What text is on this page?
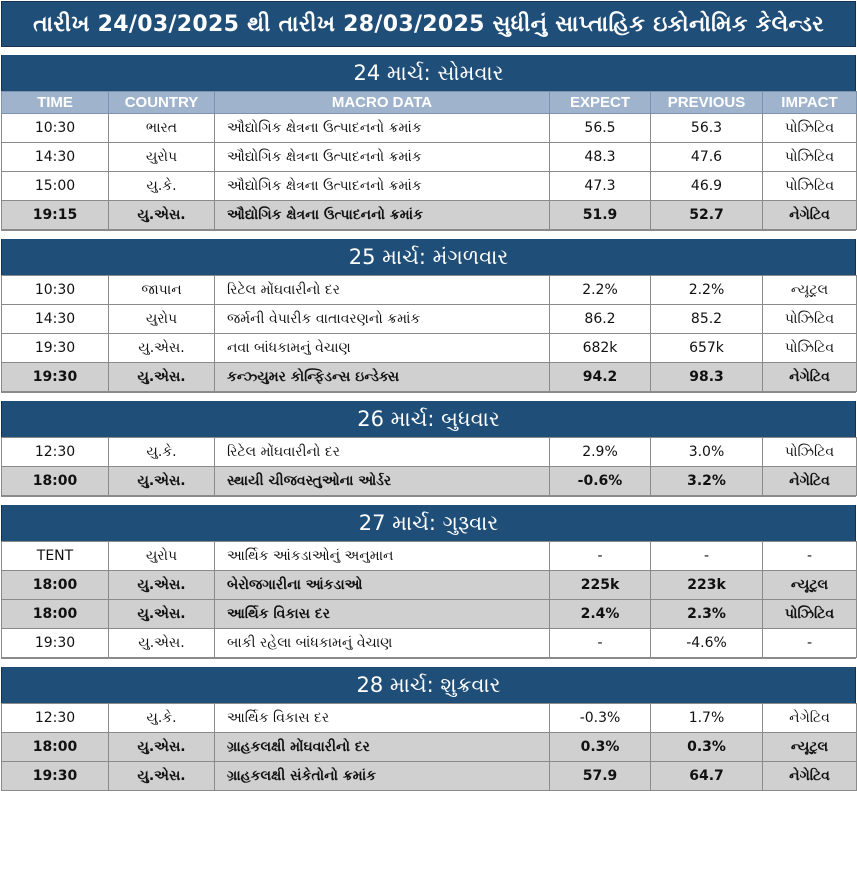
તારીખ 24/03/2025 થી તારીખ 28/03/2025 સુધીનું સાપ્તાહિક ઇકોનોમિક કેલેન્ડર
24 માર્ચ: સોમવાર
TIME	COUNTRY	MACRO DATA	EXPECT	PREVIOUS	IMPACT
10:30	ભારત	ઔદ્યોગિક ક્ષેત્રના ઉત્પાદનનો ક્રમાંક	56.5	56.3	પોઝિટિવ
14:30	યુરોપ	ઔદ્યોગિક ક્ષેત્રના ઉત્પાદનનો ક્રમાંક	48.3	47.6	પોઝિટિવ
15:00	યુ.કે.	ઔદ્યોગિક ક્ષેત્રના ઉત્પાદનનો ક્રમાંક	47.3	46.9	પોઝિટિવ
19:15	યુ.એસ.	ઔદ્યોગિક ક્ષેત્રના ઉત્પાદનનો ક્રમાંક	51.9	52.7	નેગેટિવ
25 માર્ચ: મંગળવાર
10:30	જાપાન	રિટેલ મોંઘવારીનો દર	2.2%	2.2%	ન્યૂટ્રલ
14:30	યુરોપ	જર્મની વેપારીક વાતાવરણનો ક્રમાંક	86.2	85.2	પોઝિટિવ
19:30	યુ.એસ.	નવા બાંધકામનું વેચાણ	682k	657k	પોઝિટિવ
19:30	યુ.એસ.	કન્ઝ્યુમર કોન્ફિડન્સ ઇન્ડેક્સ	94.2	98.3	નેગેટિવ
26 માર્ચ: બુધવાર
12:30	યુ.કે.	રિટેલ મોંઘવારીનો દર	2.9%	3.0%	પોઝિટિવ
18:00	યુ.એસ.	સ્થાયી ચીજવસ્તુઓના ઓર્ડર	-0.6%	3.2%	નેગેટિવ
27 માર્ચ: ગુરૂવાર
TENT	યુરોપ	આર્થિક આંકડાઓનું અનુમાન	-	-	-
18:00	યુ.એસ.	બેરોજગારીના આંકડાઓ	225k	223k	ન્યૂટ્રલ
18:00	યુ.એસ.	આર્થિક વિકાસ દર	2.4%	2.3%	પોઝિટિવ
19:30	યુ.એસ.	બાકી રહેલા બાંધકામનું વેચાણ	-	-4.6%	-
28 માર્ચ: શુક્રવાર
12:30	યુ.કે.	આર્થિક વિકાસ દર	-0.3%	1.7%	નેગેટિવ
18:00	યુ.એસ.	ગ્રાહકલક્ષી મોંઘવારીનો દર	0.3%	0.3%	ન્યૂટ્રલ
19:30	યુ.એસ.	ગ્રાહકલક્ષી સંકેતોનો ક્રમાંક	57.9	64.7	નેગેટિવ
